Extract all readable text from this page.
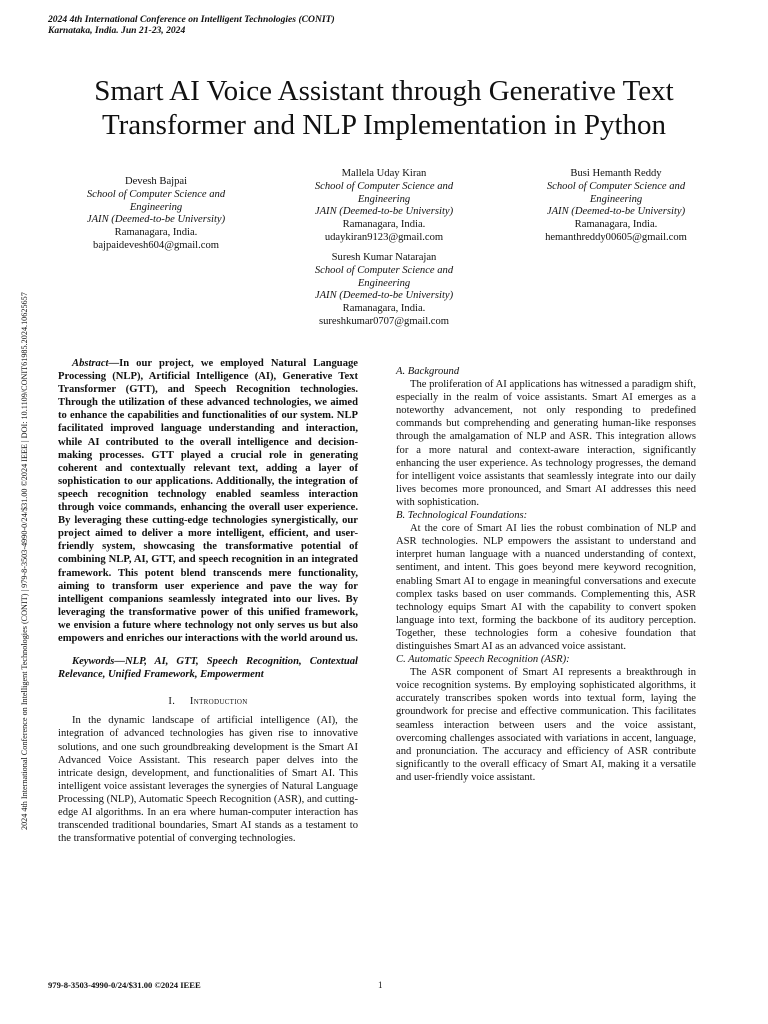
2024 4th International Conference on Intelligent Technologies (CONIT)
Karnataka, India. Jun 21-23, 2024
2024 4th International Conference on Intelligent Technologies (CONIT) | 979-8-3503-4990-0/24/$31.00 ©2024 IEEE | DOI: 10.1109/CONIT61985.2024.10625657
Smart AI Voice Assistant through Generative Text Transformer and NLP Implementation in Python
Devesh Bajpai
School of Computer Science and
Engineering
JAIN (Deemed-to-be University)
Ramanagara, India.
bajpaidevesh604@gmail.com
Mallela Uday Kiran
School of Computer Science and
Engineering
JAIN (Deemed-to-be University)
Ramanagara, India.
udaykiran9123@gmail.com
Busi Hemanth Reddy
School of Computer Science and
Engineering
JAIN (Deemed-to-be University)
Ramanagara, India.
hemanthreddy00605@gmail.com
Suresh Kumar Natarajan
School of Computer Science and
Engineering
JAIN (Deemed-to-be University)
Ramanagara, India.
sureshkumar0707@gmail.com

Abstract—In our project, we employed Natural Language Processing (NLP), Artificial Intelligence (AI), Generative Text Transformer (GTT), and Speech Recognition technologies. Through the utilization of these advanced technologies, we aimed to enhance the capabilities and functionalities of our system. NLP facilitated improved language understanding and interaction, while AI contributed to the overall intelligence and decision-making processes. GTT played a crucial role in generating coherent and contextually relevant text, adding a layer of sophistication to our applications. Additionally, the integration of speech recognition technology enabled seamless interaction through voice commands, enhancing the overall user experience. By leveraging these cutting-edge technologies synergistically, our project aimed to deliver a more intelligent, efficient, and user-friendly system, showcasing the transformative potential of combining NLP, AI, GTT, and speech recognition in an integrated framework. This potent blend transcends mere functionality, aiming to transform user experience and pave the way for intelligent companions seamlessly integrated into our lives. By leveraging the transformative power of this unified framework, we envision a future where technology not only serves us but also empowers and enriches our interactions with the world around us.

Keywords—NLP, AI, GTT, Speech Recognition, Contextual Relevance, Unified Framework, Empowerment

I. Introduction

In the dynamic landscape of artificial intelligence (AI), the integration of advanced technologies has given rise to innovative solutions, and one such groundbreaking development is the Smart AI Advanced Voice Assistant. This research paper delves into the intricate design, development, and functionalities of Smart AI. This intelligent voice assistant leverages the synergies of Natural Language Processing (NLP), Automatic Speech Recognition (ASR), and cutting-edge AI algorithms. In an era where human-computer interaction has transcended traditional boundaries, Smart AI stands as a testament to the transformative potential of converging technologies.

A. Background

The proliferation of AI applications has witnessed a paradigm shift, especially in the realm of voice assistants. Smart AI emerges as a noteworthy advancement, not only responding to predefined commands but comprehending and generating human-like responses through the amalgamation of NLP and ASR. This integration allows for a more natural and context-aware interaction, significantly enhancing the user experience. As technology progresses, the demand for intelligent voice assistants that seamlessly integrate into our daily lives becomes more pronounced, and Smart AI addresses this need with sophistication.

B. Technological Foundations:

At the core of Smart AI lies the robust combination of NLP and ASR technologies. NLP empowers the assistant to understand and interpret human language with a nuanced understanding of context, sentiment, and intent. This goes beyond mere keyword recognition, enabling Smart AI to engage in meaningful conversations and execute complex tasks based on user commands. Complementing this, ASR technology equips Smart AI with the capability to convert spoken language into text, forming the backbone of its auditory perception. Together, these technologies form a cohesive foundation that distinguishes Smart AI as an advanced voice assistant.

C. Automatic Speech Recognition (ASR):

The ASR component of Smart AI represents a breakthrough in voice recognition systems. By employing sophisticated algorithms, it accurately transcribes spoken words into textual form, laying the groundwork for precise and effective communication. This facilitates seamless interaction between users and the voice assistant, overcoming challenges associated with variations in accent, language, and pronunciation. The accuracy and efficiency of ASR contribute significantly to the overall efficacy of Smart AI, making it a versatile and user-friendly voice assistant.

979-8-3503-4990-0/24/$31.00 ©2024 IEEE	1
